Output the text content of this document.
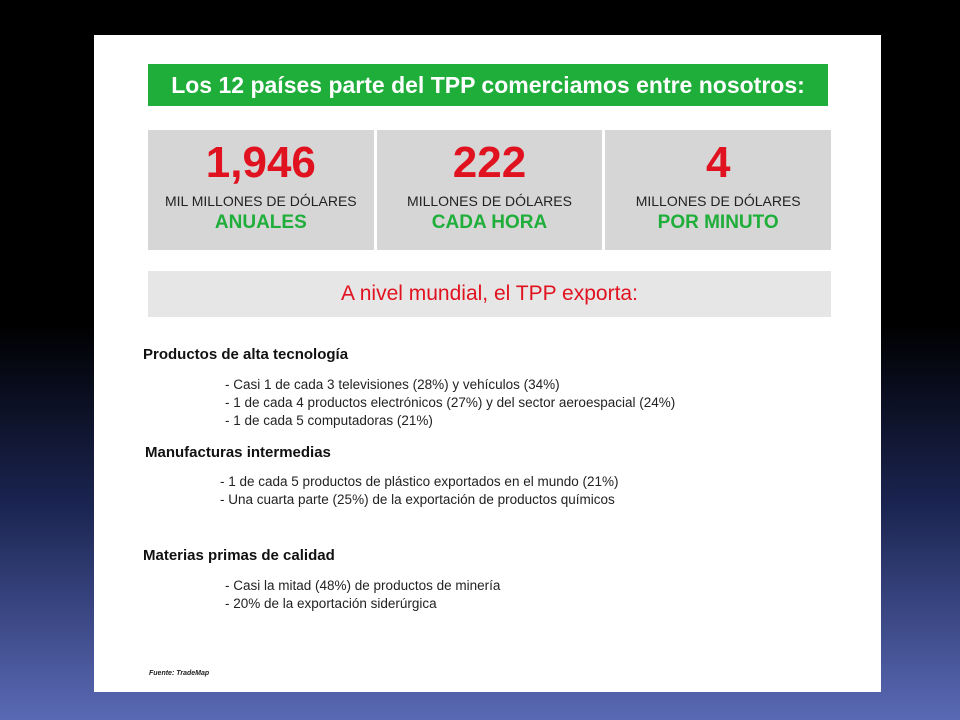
Los 12 países parte del TPP comerciamos entre nosotros:
1,946
MIL MILLONES DE DÓLARES
ANUALES
222
MILLONES DE DÓLARES
CADA HORA
4
MILLONES DE DÓLARES
POR MINUTO
A nivel mundial, el TPP exporta:
Productos de alta tecnología
- Casi 1 de cada 3 televisiones (28%) y vehículos (34%)
- 1 de cada 4 productos electrónicos (27%) y del sector aeroespacial (24%)
- 1 de cada 5 computadoras (21%)
Manufacturas intermedias
- 1 de cada 5 productos de plástico exportados en el mundo (21%)
- Una cuarta parte (25%) de la exportación de productos químicos
Materias primas de calidad
- Casi la mitad (48%) de productos de minería
- 20% de la exportación siderúrgica
Fuente: TradeMap
